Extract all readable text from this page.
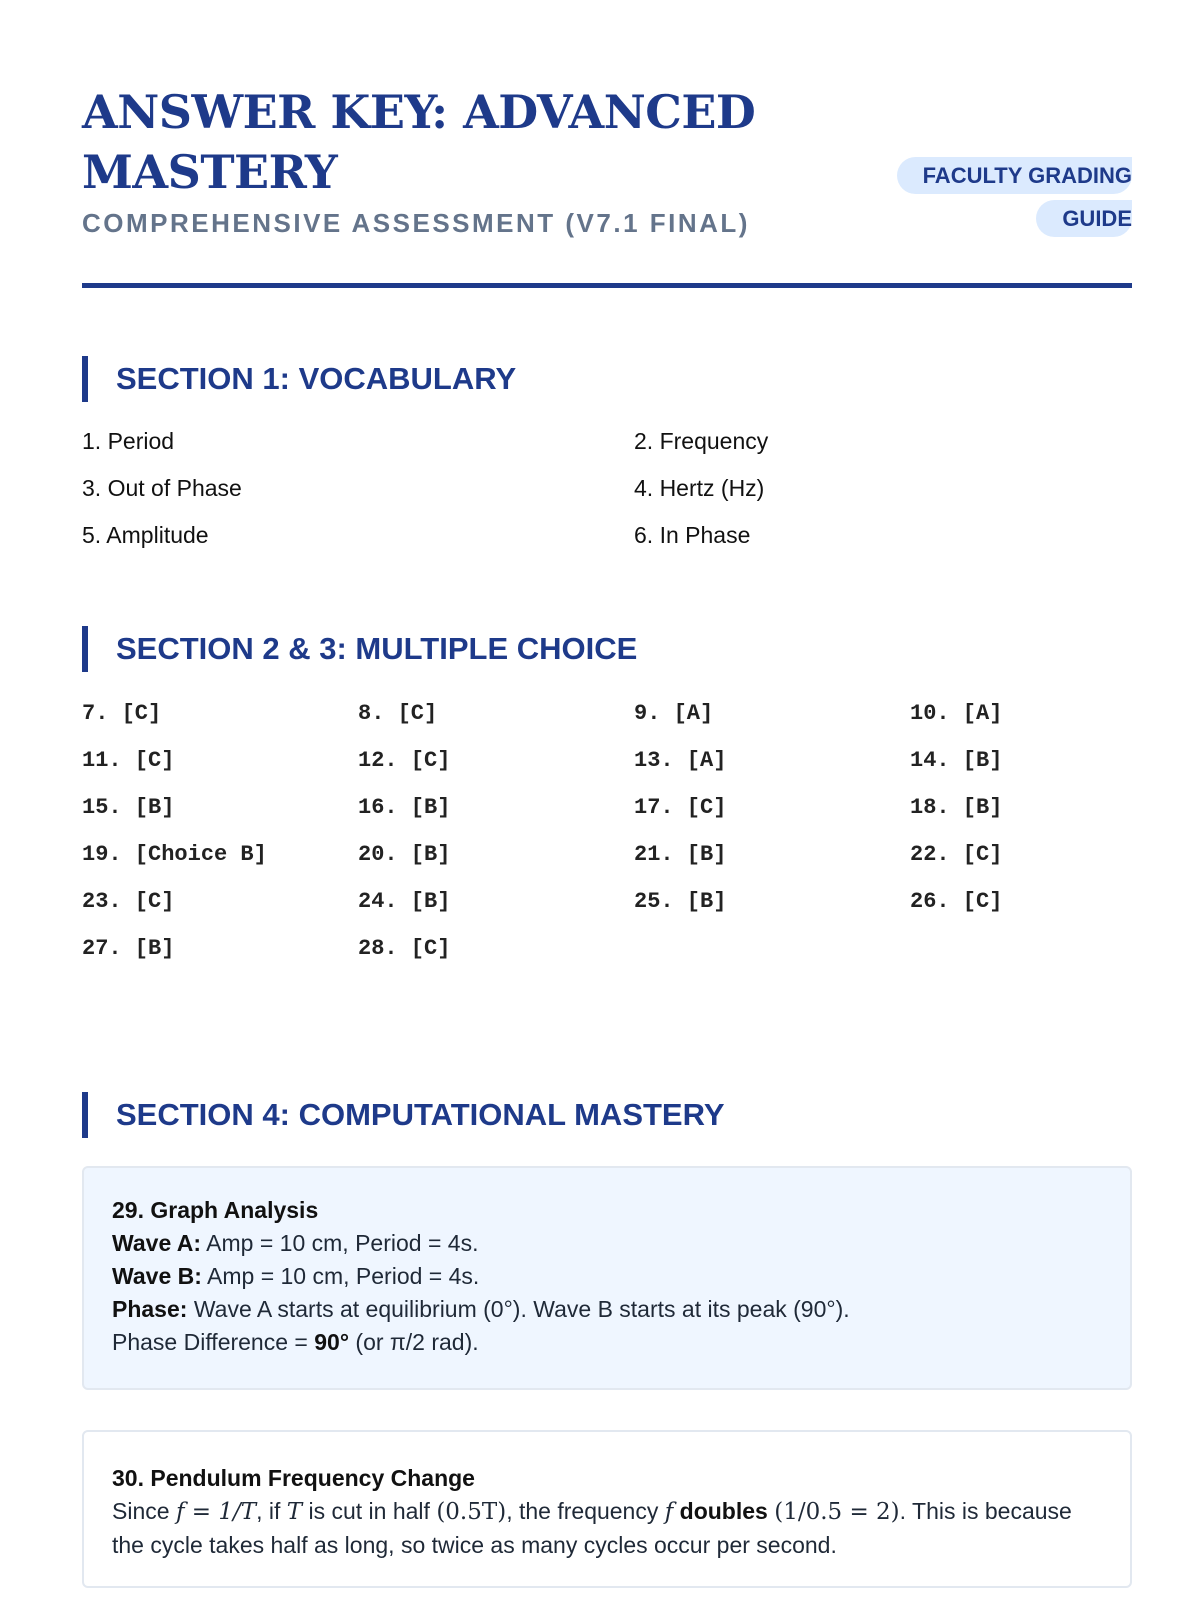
ANSWER KEY: ADVANCED MASTERY
COMPREHENSIVE ASSESSMENT (V7.1 FINAL)
FACULTY GRADING GUIDE
SECTION 1: VOCABULARY
1. Period	2. Frequency
3. Out of Phase	4. Hertz (Hz)
5. Amplitude	6. In Phase
SECTION 2 & 3: MULTIPLE CHOICE
7. [C]	8. [C]	9. [A]	10. [A]
11. [C]	12. [C]	13. [A]	14. [B]
15. [B]	16. [B]	17. [C]	18. [B]
19. [Choice B]	20. [B]	21. [B]	22. [C]
23. [C]	24. [B]	25. [B]	26. [C]
27. [B]	28. [C]
SECTION 4: COMPUTATIONAL MASTERY
29. Graph Analysis
Wave A: Amp = 10 cm, Period = 4s.
Wave B: Amp = 10 cm, Period = 4s.
Phase: Wave A starts at equilibrium (0°). Wave B starts at its peak (90°).
Phase Difference = 90° (or π/2 rad).
30. Pendulum Frequency Change
Since f = 1/T, if T is cut in half (0.5T), the frequency f doubles (1/0.5 = 2). This is because the cycle takes half as long, so twice as many cycles occur per second.
